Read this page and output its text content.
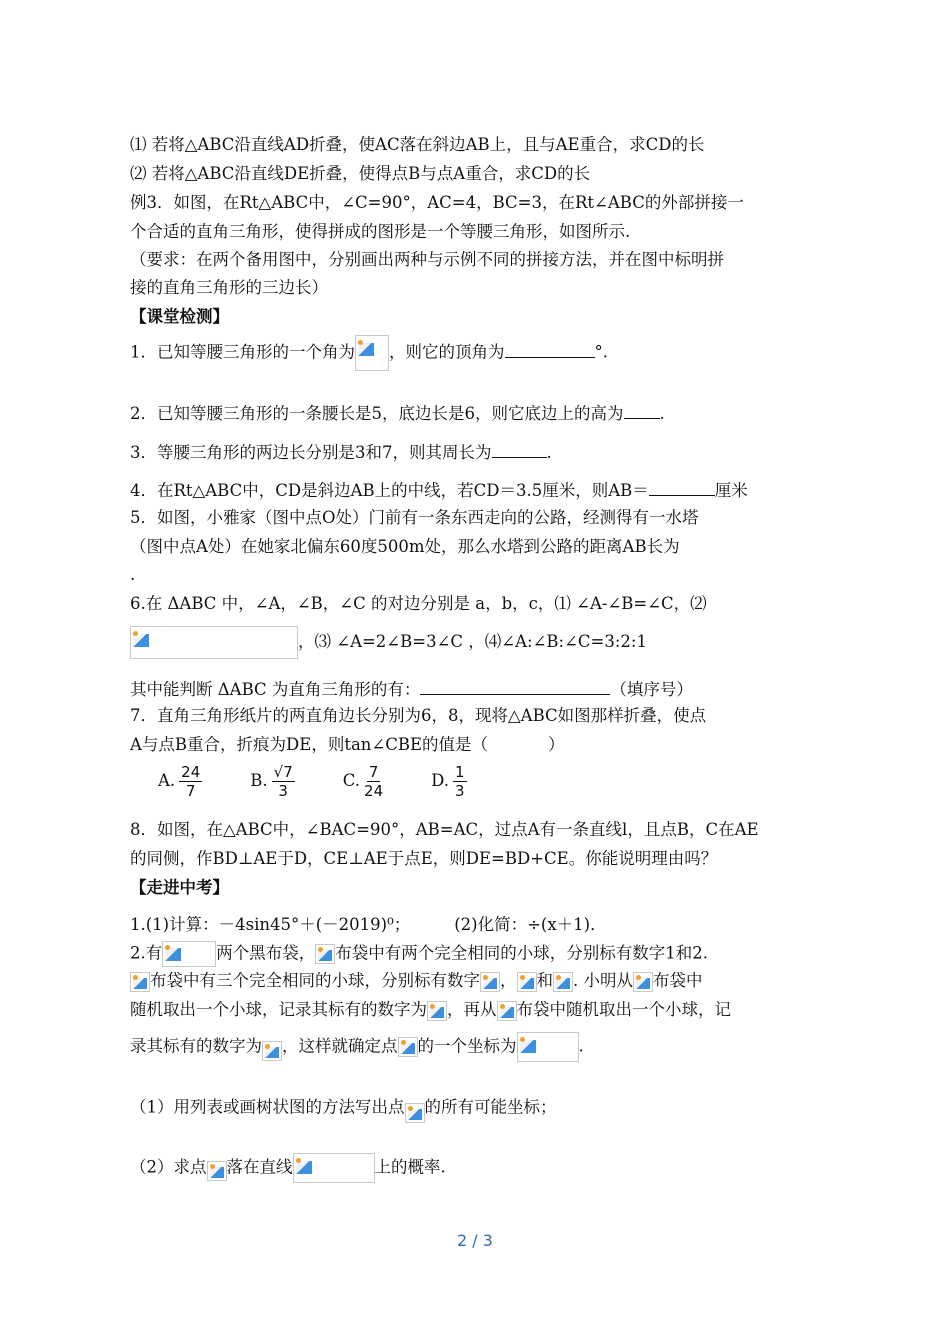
⑴ 若将△ABC沿直线AD折叠，使AC落在斜边AB上，且与AE重合，求CD的长
⑵ 若将△ABC沿直线DE折叠，使得点B与点A重合，求CD的长
例3．如图，在Rt△ABC中，∠C=90°，AC=4，BC=3，在Rt∠ABC的外部拼接一
个合适的直角三角形，使得拼成的图形是一个等腰三角形，如图所示.
（要求：在两个备用图中，分别画出两种与示例不同的拼接方法，并在图中标明拼
接的直角三角形的三边长）
【课堂检测】
1．已知等腰三角形的一个角为 ，则它的顶角为	°.
2．已知等腰三角形的一条腰长是5，底边长是6，则它底边上的高为 .
3．等腰三角形的两边长分别是3和7，则其周长为	.
4．在Rt△ABC中，CD是斜边AB上的中线，若CD＝3.5厘米，则AB＝	厘米
5．如图，小雅家（图中点O处）门前有一条东西走向的公路，经测得有一水塔
（图中点A处）在她家北偏东60度500m处，那么水塔到公路的距离AB长为
.
6.在 ΔABC 中，∠A，∠B，∠C 的对边分别是 a，b，c，⑴ ∠A-∠B=∠C，⑵
，⑶ ∠A=2∠B=3∠C ，⑷∠A:∠B:∠C=3:2:1
其中能判断 ΔABC 为直角三角形的有：	（填序号）
7．直角三角形纸片的两直角边长分别为6，8，现将△ABC如图那样折叠，使点
A与点B重合，折痕为DE，则tan∠CBE的值是（	）
A. $\frac{24}{7}$	B. $\frac{√7}{3}$	C. $\frac{7}{24}$	D. $\frac{1}{3}$
8．如图，在△ABC中，∠BAC=90°，AB=AC，过点A有一条直线l，且点B，C在AE
的同侧，作BD⊥AE于D，CE⊥AE于点E，则DE=BD+CE。你能说明理由吗？
【走进中考】
1.(1)计算：－4sin45°＋(－2019)⁰；	(2)化简：÷(x＋1)．
2.有	两个黑布袋， 布袋中有两个完全相同的小球，分别标有数字1和2.
布袋中有三个完全相同的小球，分别标有数字 ， 和 . 小明从 布袋中
随机取出一个小球，记录其标有的数字为 ，再从 布袋中随机取出一个小球，记
录其标有的数字为 ，这样就确定点 的一个坐标为	.
（1）用列表或画树状图的方法写出点 的所有可能坐标；
（2）求点 落在直线	上的概率.
2 / 3
